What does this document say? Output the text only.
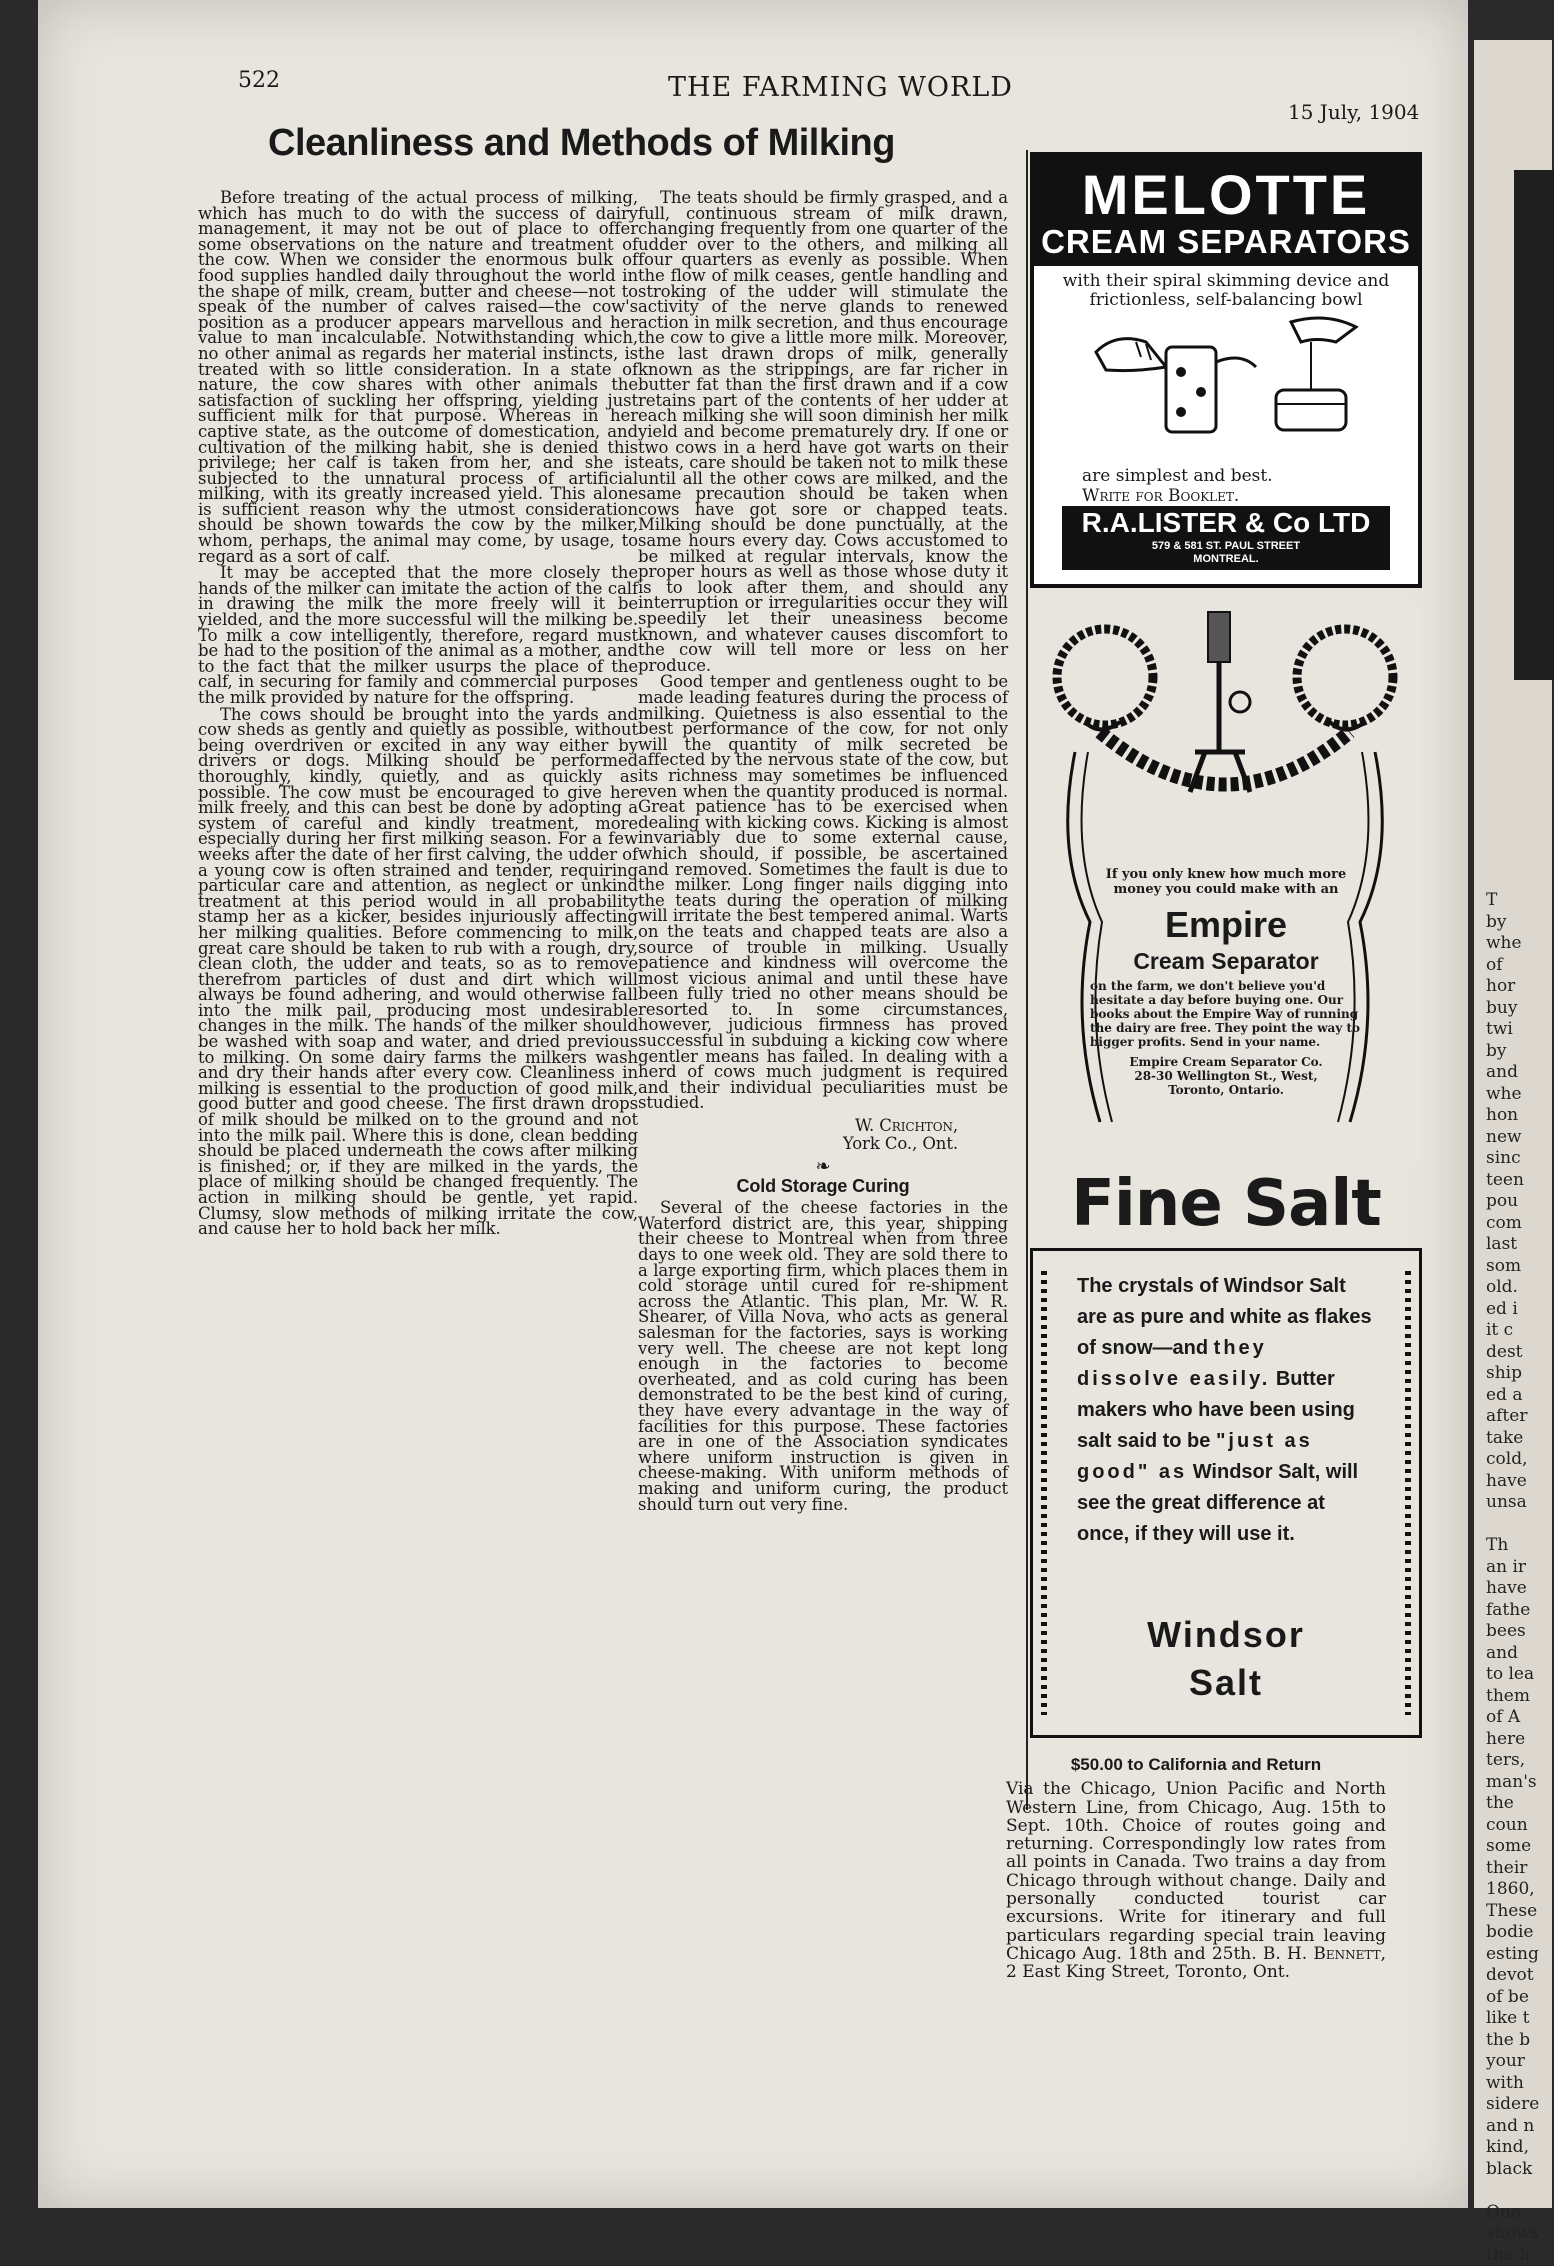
522	THE FARMING WORLD
15 July, 1904
Cleanliness and Methods of Milking

Before treating of the actual process of milking, which has much to do with the success of dairy management, it may not be out of place to offer some observations on the nature and treatment of the cow. When we consider the enormous bulk of food supplies handled daily throughout the world in the shape of milk, cream, butter and cheese—not to speak of the number of calves raised—the cow's position as a producer appears marvellous and her value to man incalculable. Notwithstanding which, no other animal as regards her material instincts, is treated with so little consideration. In a state of nature, the cow shares with other animals the satisfaction of suckling her offspring, yielding just sufficient milk for that purpose. Whereas in her captive state, as the outcome of domestication, and cultivation of the milking habit, she is denied this privilege; her calf is taken from her, and she is subjected to the unnatural process of artificial milking, with its greatly increased yield. This alone is sufficient reason why the utmost consideration should be shown towards the cow by the milker, whom, perhaps, the animal may come, by usage, to regard as a sort of calf.

It may be accepted that the more closely the hands of the milker can imitate the action of the calf in drawing the milk the more freely will it be yielded, and the more successful will the milking be. To milk a cow intelligently, therefore, regard must be had to the position of the animal as a mother, and to the fact that the milker usurps the place of the calf, in securing for family and commercial purposes the milk provided by nature for the offspring.

The cows should be brought into the yards and cow sheds as gently and quietly as possible, without being overdriven or excited in any way either by drivers or dogs. Milking should be performed thoroughly, kindly, quietly, and as quickly as possible. The cow must be encouraged to give her milk freely, and this can best be done by adopting a system of careful and kindly treatment, more especially during her first milking season. For a few weeks after the date of her first calving, the udder of a young cow is often strained and tender, requiring particular care and attention, as neglect or unkind treatment at this period would in all probability stamp her as a kicker, besides injuriously affecting her milking qualities. Before commencing to milk, great care should be taken to rub with a rough, dry, clean cloth, the udder and teats, so as to remove therefrom particles of dust and dirt which will always be found adhering, and would otherwise fall into the milk pail, producing most undesirable changes in the milk. The hands of the milker should be washed with soap and water, and dried previous to milking. On some dairy farms the milkers wash and dry their hands after every cow. Cleanliness in milking is essential to the production of good milk, good butter and good cheese. The first drawn drops of milk should be milked on to the ground and not into the milk pail. Where this is done, clean bedding should be placed underneath the cows after milking is finished; or, if they are milked in the yards, the place of milking should be changed frequently. The action in milking should be gentle, yet rapid. Clumsy, slow methods of milking irritate the cow, and cause her to hold back her milk.

The teats should be firmly grasped, and a full, continuous stream of milk drawn, changing frequently from one quarter of the udder over to the others, and milking all four quarters as evenly as possible. When the flow of milk ceases, gentle handling and stroking of the udder will stimulate the activity of the nerve glands to renewed action in milk secretion, and thus encourage the cow to give a little more milk. Moreover, the last drawn drops of milk, generally known as the strippings, are far richer in butter fat than the first drawn and if a cow retains part of the contents of her udder at each milking she will soon diminish her milk yield and become prematurely dry. If one or two cows in a herd have got warts on their teats, care should be taken not to milk these until all the other cows are milked, and the same precaution should be taken when cows have got sore or chapped teats. Milking should be done punctually, at the same hours every day. Cows accustomed to be milked at regular intervals, know the proper hours as well as those whose duty it is to look after them, and should any interruption or irregularities occur they will speedily let their uneasiness become known, and whatever causes discomfort to the cow will tell more or less on her produce.

Good temper and gentleness ought to be made leading features during the process of milking. Quietness is also essential to the best performance of the cow, for not only will the quantity of milk secreted be affected by the nervous state of the cow, but its richness may sometimes be influenced even when the quantity produced is normal. Great patience has to be exercised when dealing with kicking cows. Kicking is almost invariably due to some external cause, which should, if possible, be ascertained and removed. Sometimes the fault is due to the milker. Long finger nails digging into the teats during the operation of milking will irritate the best tempered animal. Warts on the teats and chapped teats are also a source of trouble in milking. Usually patience and kindness will overcome the most vicious animal and until these have been fully tried no other means should be resorted to. In some circumstances, however, judicious firmness has proved successful in subduing a kicking cow where gentler means has failed. In dealing with a herd of cows much judgment is required and their individual peculiarities must be studied.

W. Crichton,
York Co., Ont.
❧
Cold Storage Curing

Several of the cheese factories in the Waterford district are, this year, shipping their cheese to Montreal when from three days to one week old. They are sold there to a large exporting firm, which places them in cold storage until cured for re-shipment across the Atlantic. This plan, Mr. W. R. Shearer, of Villa Nova, who acts as general salesman for the factories, says is working very well. The cheese are not kept long enough in the factories to become overheated, and as cold curing has been demonstrated to be the best kind of curing, they have every advantage in the way of facilities for this purpose. These factories are in one of the Association syndicates where uniform instruction is given in cheese-making. With uniform methods of making and uniform curing, the product should turn out very fine.

MELOTTE
CREAM SEPARATORS
with their spiral skimming device and frictionless, self-balancing bowl
are simplest and best.
Write for Booklet.
R.A.LISTER & Co LTD
579 & 581 ST. PAUL STREET
MONTREAL.
If you only knew how much more money you could make with an
Empire
Cream Separator
on the farm, we don't believe you'd hesitate a day before buying one. Our books about the Empire Way of running the dairy are free. They point the way to bigger profits. Send in your name.
Empire Cream Separator Co.
28-30 Wellington St., West,
Toronto, Ontario.
Fine Salt
The crystals of Windsor Salt are as pure and white as flakes of snow—and they dissolve easily. Butter makers who have been using salt said to be "just as good" as Windsor Salt, will see the great difference at once, if they will use it.
Windsor
Salt
$50.00 to California and Return
Via the Chicago, Union Pacific and North Western Line, from Chicago, Aug. 15th to Sept. 10th. Choice of routes going and returning. Correspondingly low rates from all points in Canada. Two trains a day from Chicago through without change. Daily and personally conducted tourist car excursions. Write for itinerary and full particulars regarding special train leaving Chicago Aug. 18th and 25th. B. H. Bennett, 2 East King Street, Toronto, Ont.
T
by
whe
of
hor
buy
twi
by
and
whe
hon
new
sinc
teen
pou
com
last
som
old.
ed i
it c
dest
ship
ed a
after
take
cold,
have
unsa

Th
an ir
have
fathe
bees
and
to lea
them
of A
here
ters,
man's
the
coun
some
their
1860,
These
bodie
esting
devot
of be
like t
the b
your
with
sidere
and n
kind,
black

One
shows
the h
